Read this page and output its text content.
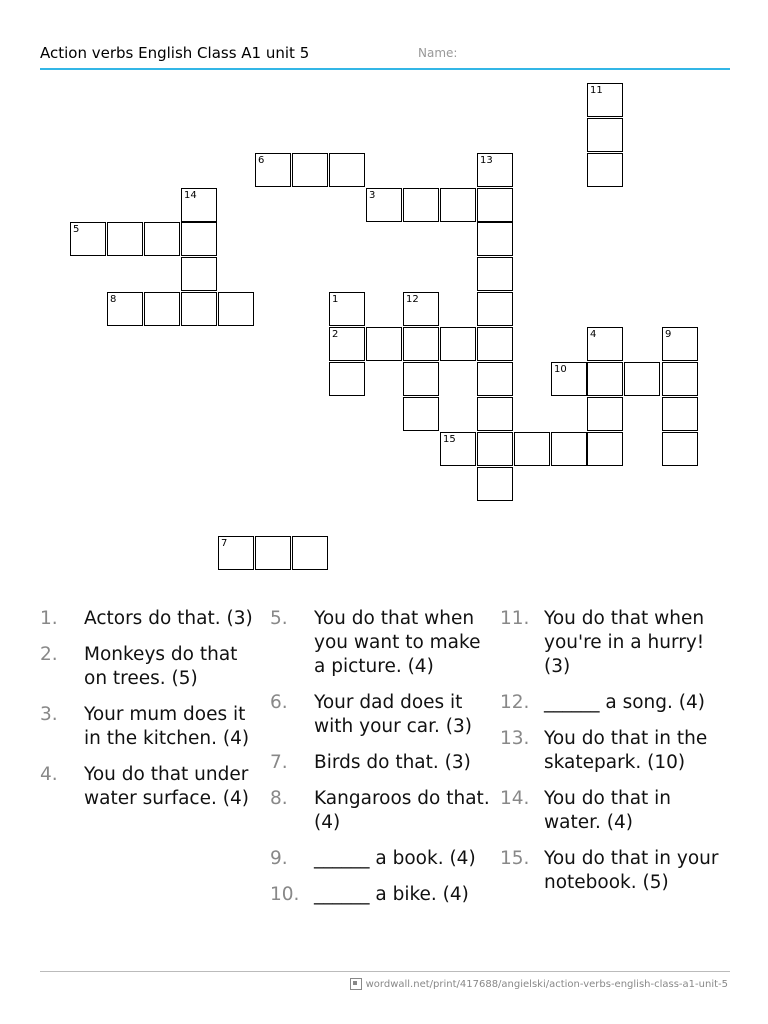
Action verbs English Class A1 unit 5	Name:
11
6	13
14	3
5
8	1	12
2	4	9
10
15
7
1.	Actors do that. (3)
2.	Monkeys do that on trees. (5)
3.	Your mum does it in the kitchen. (4)
4.	You do that under water surface. (4)
5.	You do that when you want to make a picture. (4)
6.	Your dad does it with your car. (3)
7.	Birds do that. (3)
8.	Kangaroos do that. (4)
9.	______ a book. (4)
10. ______ a bike. (4)
11. You do that when you're in a hurry! (3)
12. ______ a song. (4)
13. You do that in the skatepark. (10)
14. You do that in water. (4)
15. You do that in your notebook. (5)
wordwall.net/print/417688/angielski/action-verbs-english-class-a1-unit-5
